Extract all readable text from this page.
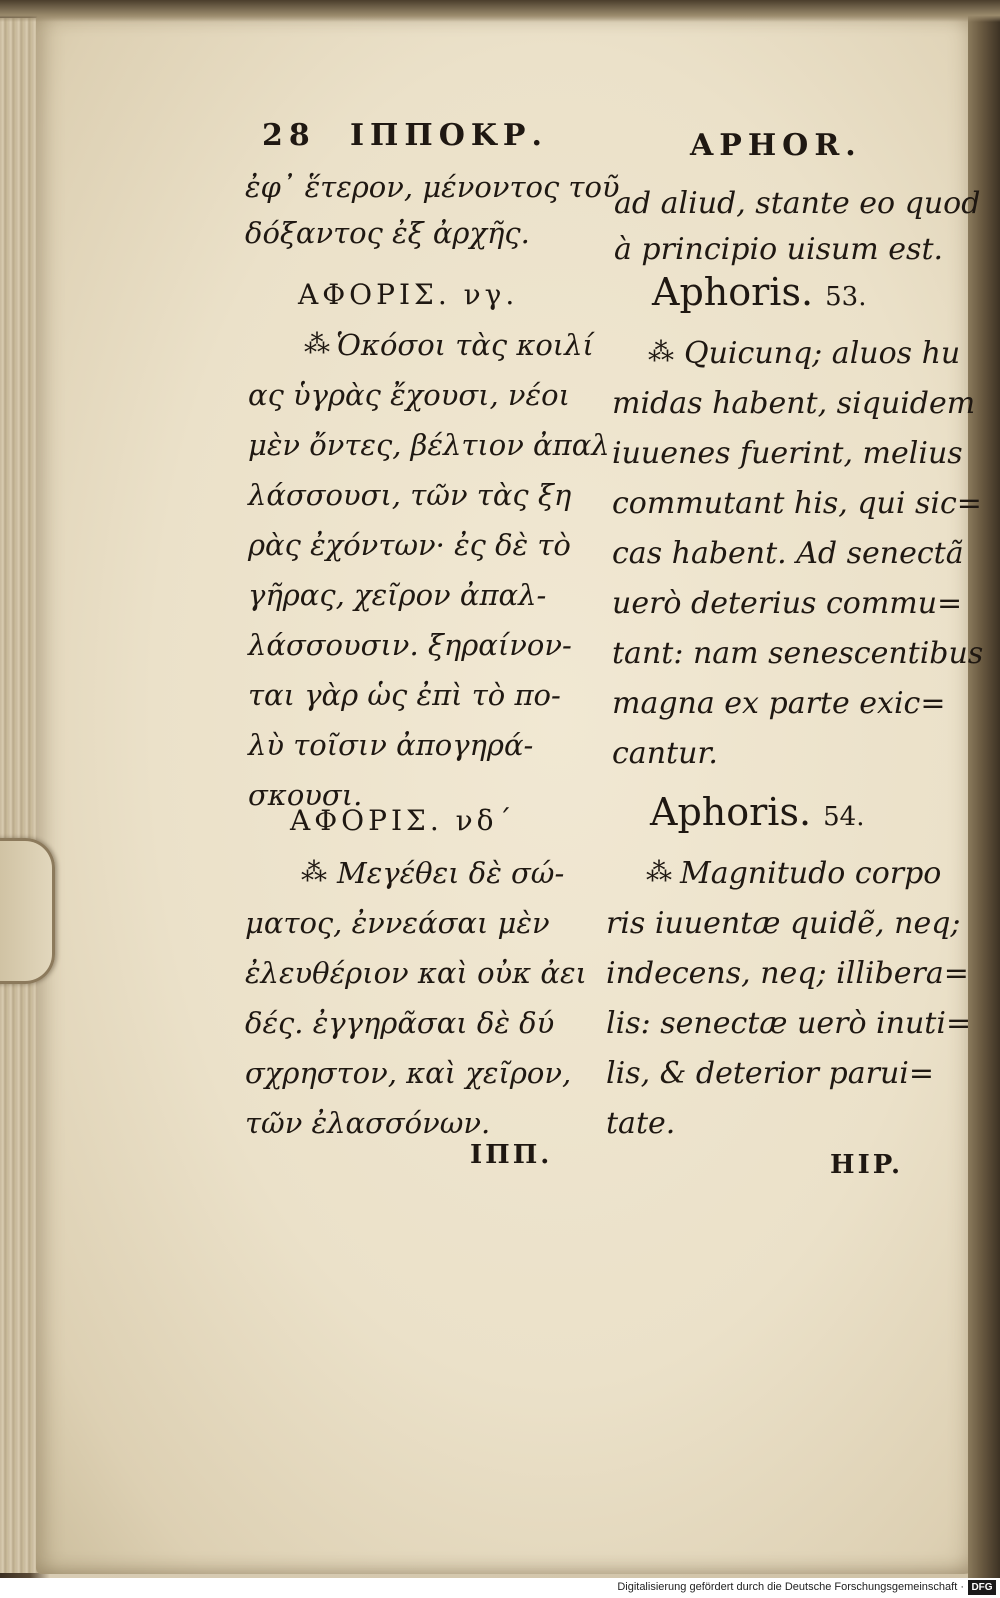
28 ΙΠΠΟΚΡ.	APHOR.
ἐφ᾽ ἕτερον, μένοντος τοῦ
δόξαντος ἐξ ἀρχῆς.
ΑΦΟΡΙΣ. νγ.
⁂ Ὁκόσοι τὰς κοιλί
ας ὑγρὰς ἔχουσι, νέοι
μὲν ὄντες, βέλτιον ἀπαλ
λάσσουσι, τῶν τὰς ξη
ρὰς ἐχόντων· ἐς δὲ τὸ
γῆρας, χεῖρον ἀπαλ-
λάσσουσιν. ξηραίνον-
ται γὰρ ὡς ἐπὶ τὸ πο-
λὺ τοῖσιν ἀπογηρά-
σκουσι.
ΑΦΟΡΙΣ. νδ´
⁂ Μεγέθει δὲ σώ-
ματος, ἐννεάσαι μὲν
ἐλευθέριον καὶ οὐκ ἀει
δές. ἐγγηρᾶσαι δὲ δύ
σχρηστον, καὶ χεῖρον,
τῶν ἐλασσόνων.
ΙΠΠ.
ad aliud, stante eo quod
à principio uisum est.
Aphoris. 53.
⁂ Quicunq; aluos hu
midas habent, siquidem
iuuenes fuerint, melius
commutant his, qui sic=
cas habent. Ad senectã
uerò deterius commu=
tant: nam senescentibus
magna ex parte exic=
cantur.
Aphoris. 54.
⁂ Magnitudo corpo
ris iuuentæ quidẽ, neq;
indecens, neq; illibera=
lis: senectæ uerò inuti=
lis, & deterior parui=
tate.
HIP.
Digitalisierung gefördert durch die Deutsche Forschungsgemeinschaft · DFG
